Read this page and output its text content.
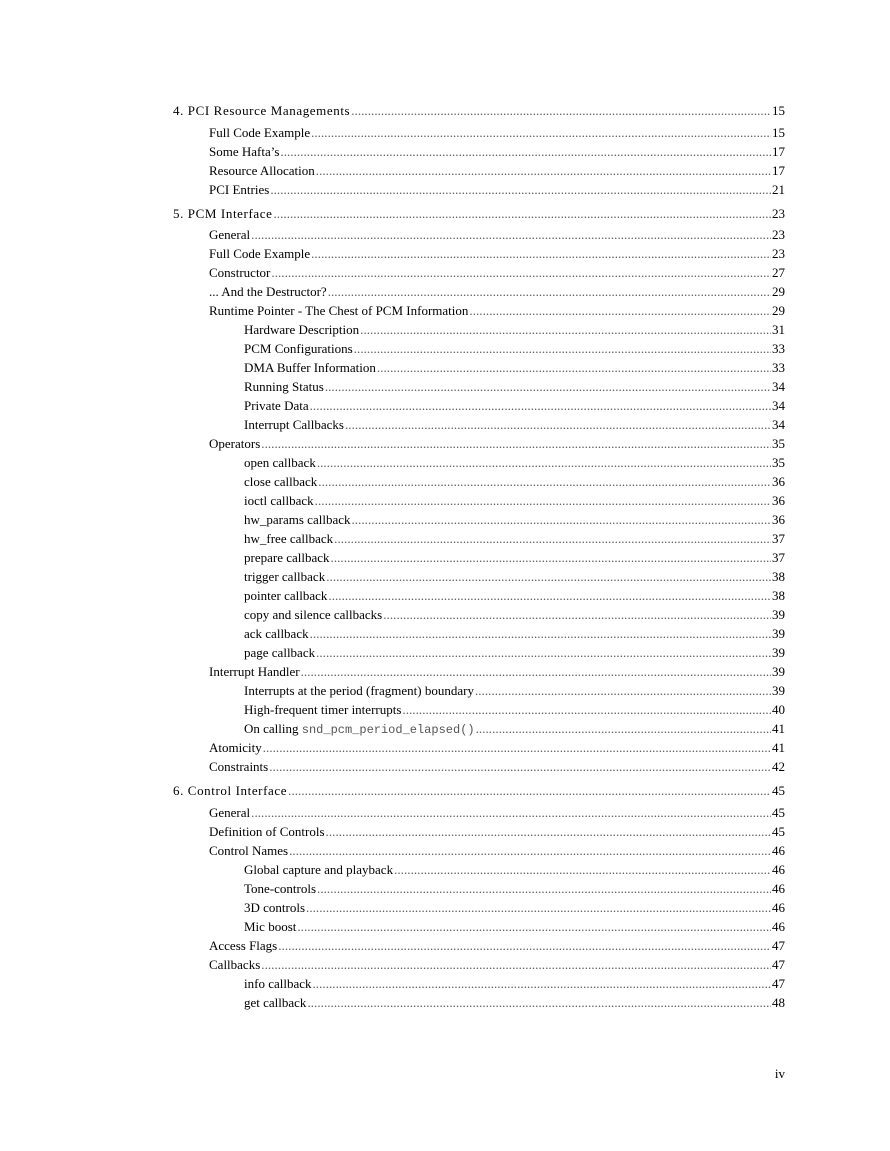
4. PCI Resource Managements . . .	15
Full Code Example . . .	15
Some Hafta’s . . .	17
Resource Allocation . . .	17
PCI Entries . . .	21
5. PCM Interface . . .	23
General . . .	23
Full Code Example . . .	23
Constructor . . .	27
... And the Destructor? . . .	29
Runtime Pointer - The Chest of PCM Information . . .	29
Hardware Description . . .	31
PCM Configurations . . .	33
DMA Buffer Information . . .	33
Running Status . . .	34
Private Data . . .	34
Interrupt Callbacks . . .	34
Operators . . .	35
open callback . . .	35
close callback . . .	36
ioctl callback . . .	36
hw_params callback . . .	36
hw_free callback . . .	37
prepare callback . . .	37
trigger callback . . .	38
pointer callback . . .	38
copy and silence callbacks . . .	39
ack callback . . .	39
page callback . . .	39
Interrupt Handler . . .	39
Interrupts at the period (fragment) boundary . . .	39
High-frequent timer interrupts . . .	40
On calling snd_pcm_period_elapsed() . . .	41
Atomicity . . .	41
Constraints . . .	42
6. Control Interface . . .	45
General . . .	45
Definition of Controls . . .	45
Control Names . . .	46
Global capture and playback . . .	46
Tone-controls . . .	46
3D controls . . .	46
Mic boost . . .	46
Access Flags . . .	47
Callbacks . . .	47
info callback . . .	47
get callback . . .	48
iv
